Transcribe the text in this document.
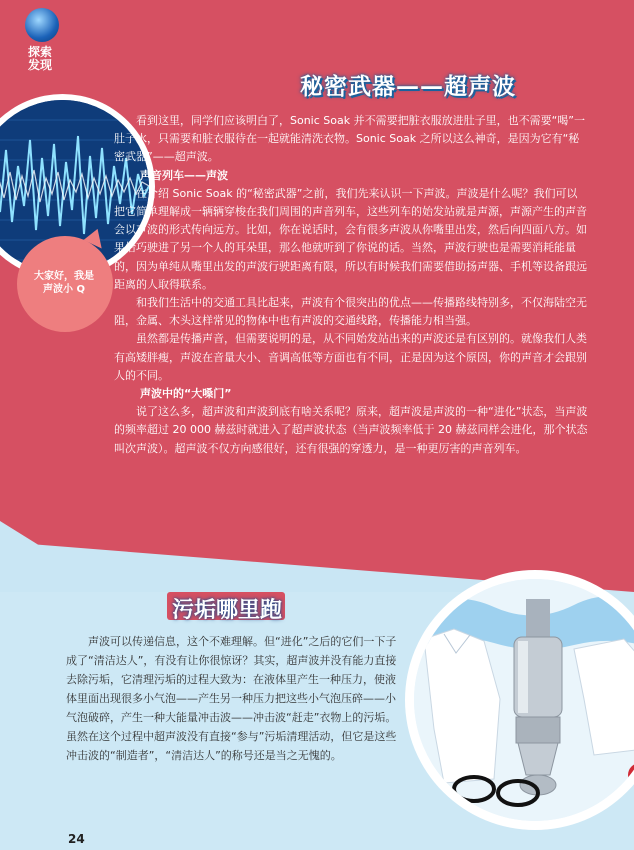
探索
发现
大家好，我是
声波小 Q
秘密武器——超声波

看到这里，同学们应该明白了，Sonic Soak 并不需要把脏衣服放进肚子里，也不需要“喝”一肚子水，只需要和脏衣服待在一起就能清洗衣物。Sonic Soak 之所以这么神奇，是因为它有“秘密武器”——超声波。

声音列车——声波

在介绍 Sonic Soak 的“秘密武器”之前，我们先来认识一下声波。声波是什么呢？我们可以把它简单理解成一辆辆穿梭在我们周围的声音列车，这些列车的始发站就是声源，声源产生的声音会以声波的形式传向远方。比如，你在说话时，会有很多声波从你嘴里出发，然后向四面八方。如果恰巧驶进了另一个人的耳朵里，那么他就听到了你说的话。当然，声波行驶也是需要消耗能量的，因为单纯从嘴里出发的声波行驶距离有限，所以有时候我们需要借助扬声器、手机等设备跟远距离的人取得联系。

和我们生活中的交通工具比起来，声波有个很突出的优点——传播路线特别多，不仅海陆空无阻，金属、木头这样常见的物体中也有声波的交通线路，传播能力相当强。

虽然都是传播声音，但需要说明的是，从不同始发站出来的声波还是有区别的。就像我们人类有高矮胖瘦，声波在音量大小、音调高低等方面也有不同，正是因为这个原因，你的声音才会跟别人的不同。

声波中的“大嗓门”

说了这么多，超声波和声波到底有啥关系呢？原来，超声波是声波的一种“进化”状态，当声波的频率超过 20 000 赫兹时就进入了超声波状态（当声波频率低于 20 赫兹同样会进化，那个状态叫次声波）。超声波不仅方向感很好，还有很强的穿透力，是一种更厉害的声音列车。

污垢哪里跑

声波可以传递信息，这个不难理解。但“进化”之后的它们一下子成了“清洁达人”，有没有让你很惊讶？其实，超声波并没有能力直接去除污垢，它清理污垢的过程大致为：在液体里产生一种压力，使液体里面出现很多小气泡——产生另一种压力把这些小气泡压碎——小气泡破碎，产生一种大能量冲击波——冲击波“赶走”衣物上的污垢。虽然在这个过程中超声波没有直接“参与”污垢清理活动，但它是这些冲击波的“制造者”，“清洁达人”的称号还是当之无愧的。

24
